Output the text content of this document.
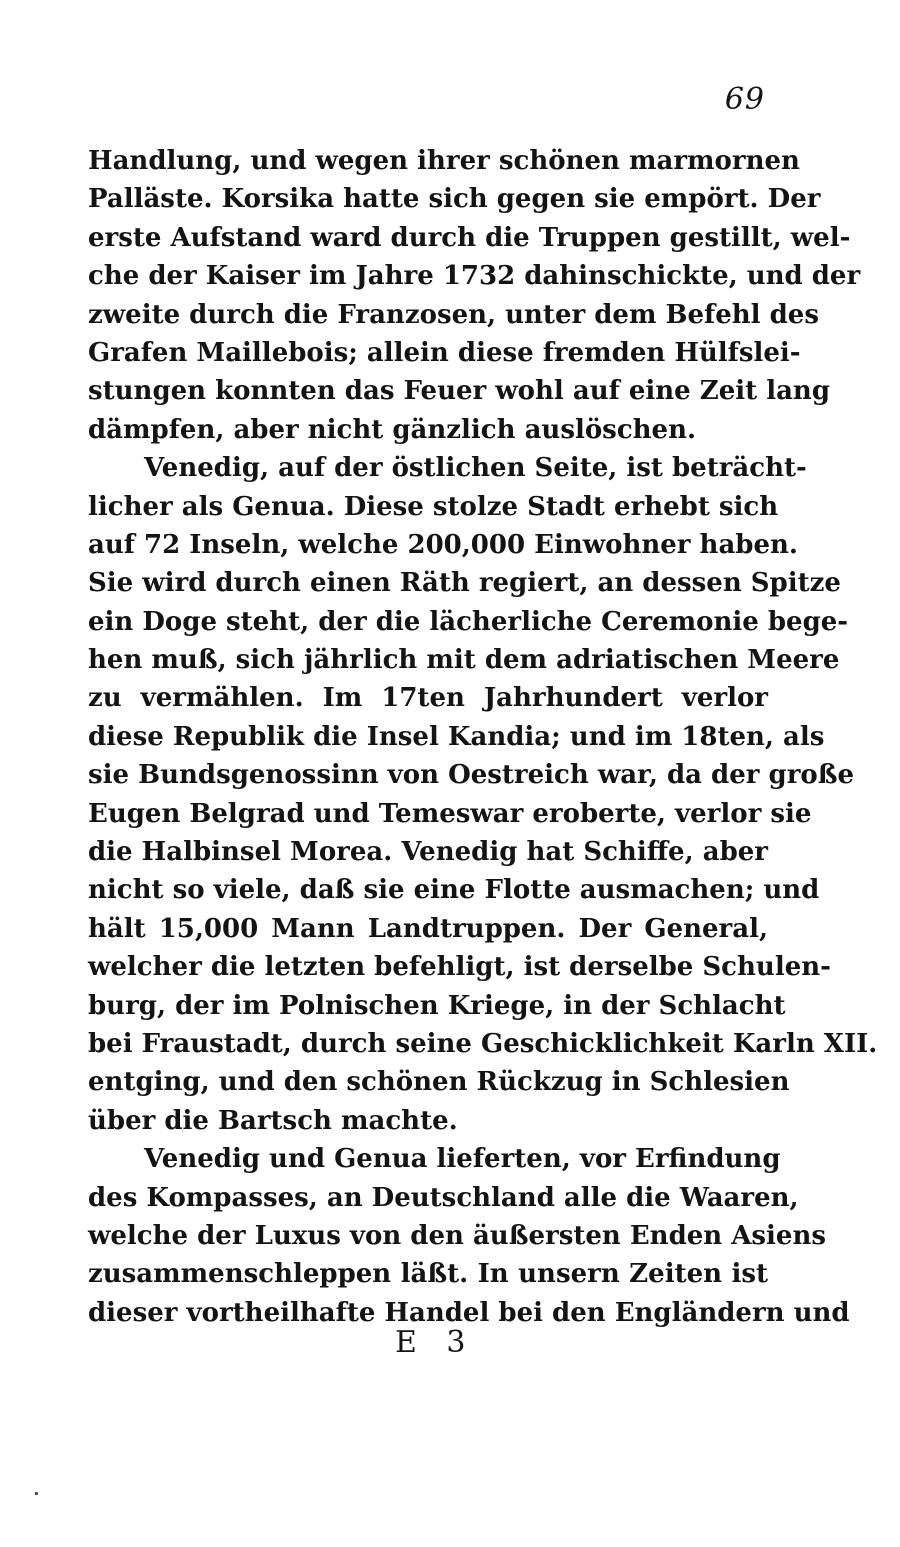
69
Handlung, und wegen ihrer schönen marmornen
Palläste. Korsika hatte sich gegen sie empört. Der
erste Aufstand ward durch die Truppen gestillt, wel-
che der Kaiser im Jahre 1732 dahinschickte, und der
zweite durch die Franzosen, unter dem Befehl des
Grafen Maillebois; allein diese fremden Hülfslei-
stungen konnten das Feuer wohl auf eine Zeit lang
dämpfen, aber nicht gänzlich auslöschen.
Venedig, auf der östlichen Seite, ist beträcht-
licher als Genua. Diese stolze Stadt erhebt sich
auf 72 Inseln, welche 200,000 Einwohner haben.
Sie wird durch einen Räth regiert, an dessen Spitze
ein Doge steht, der die lächerliche Ceremonie bege-
hen muß, sich jährlich mit dem adriatischen Meere
zu vermählen. Im 17ten Jahrhundert verlor
diese Republik die Insel Kandia; und im 18ten, als
sie Bundsgenossinn von Oestreich war, da der große
Eugen Belgrad und Temeswar eroberte, verlor sie
die Halbinsel Morea. Venedig hat Schiffe, aber
nicht so viele, daß sie eine Flotte ausmachen; und
hält 15,000 Mann Landtruppen. Der General,
welcher die letzten befehligt, ist derselbe Schulen-
burg, der im Polnischen Kriege, in der Schlacht
bei Fraustadt, durch seine Geschicklichkeit Karln XII.
entging, und den schönen Rückzug in Schlesien
über die Bartsch machte.
Venedig und Genua lieferten, vor Erfindung
des Kompasses, an Deutschland alle die Waaren,
welche der Luxus von den äußersten Enden Asiens
zusammenschleppen läßt. In unsern Zeiten ist
dieser vortheilhafte Handel bei den Engländern und
E 3
